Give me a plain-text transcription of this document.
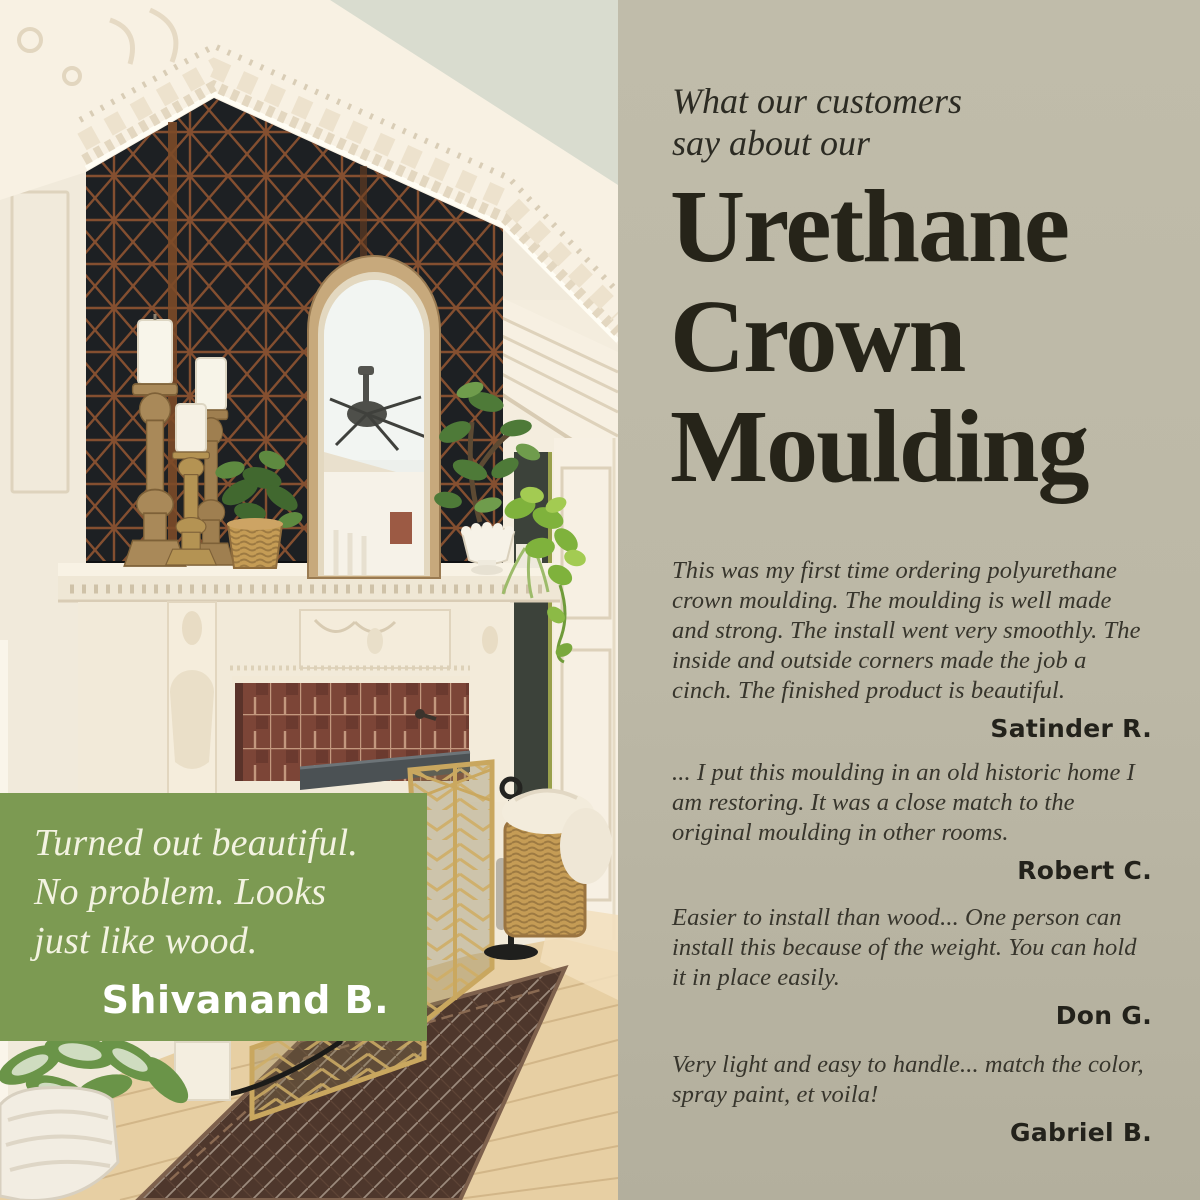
Turned out beautiful.
No problem. Looks
just like wood.
Shivanand B.
What our customers
say about our
Urethane
Crown
Moulding
This was my first time ordering polyurethane crown moulding. The moulding is well made and strong. The install went very smoothly. The inside and outside corners made the job a cinch. The finished product is beautiful.
Satinder R.
... I put this moulding in an old historic home I am restoring. It was a close match to the original moulding in other rooms.
Robert C.
Easier to install than wood... One person can install this because of the weight. You can hold it in place easily.
Don G.
Very light and easy to handle... match the color, spray paint, et voila!
Gabriel B.
